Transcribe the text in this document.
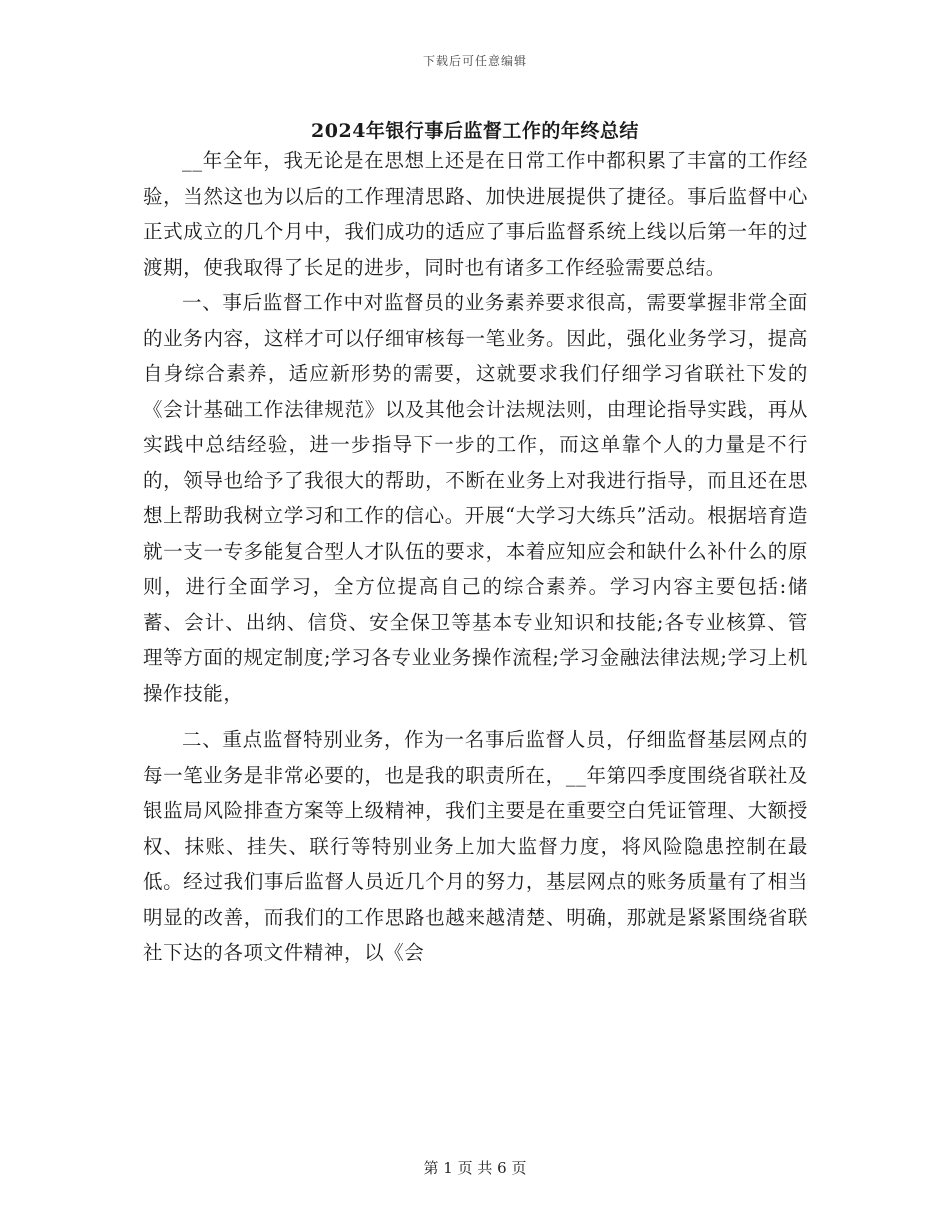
下载后可任意编辑
2024年银行事后监督工作的年终总结

__年全年，我无论是在思想上还是在日常工作中都积累了丰富的工作经验，当然这也为以后的工作理清思路、加快进展提供了捷径。事后监督中心正式成立的几个月中，我们成功的适应了事后监督系统上线以后第一年的过渡期，使我取得了长足的进步，同时也有诸多工作经验需要总结。

一、事后监督工作中对监督员的业务素养要求很高，需要掌握非常全面的业务内容，这样才可以仔细审核每一笔业务。因此，强化业务学习，提高自身综合素养，适应新形势的需要，这就要求我们仔细学习省联社下发的《会计基础工作法律规范》以及其他会计法规法则，由理论指导实践，再从实践中总结经验，进一步指导下一步的工作，而这单靠个人的力量是不行的，领导也给予了我很大的帮助，不断在业务上对我进行指导，而且还在思想上帮助我树立学习和工作的信心。开展“大学习大练兵”活动。根据培育造就一支一专多能复合型人才队伍的要求，本着应知应会和缺什么补什么的原则，进行全面学习，全方位提高自己的综合素养。学习内容主要包括:储蓄、会计、出纳、信贷、安全保卫等基本专业知识和技能;各专业核算、管理等方面的规定制度;学习各专业业务操作流程;学习金融法律法规;学习上机操作技能，

二、重点监督特别业务，作为一名事后监督人员，仔细监督基层网点的每一笔业务是非常必要的，也是我的职责所在，__年第四季度围绕省联社及银监局风险排查方案等上级精神，我们主要是在重要空白凭证管理、大额授权、抹账、挂失、联行等特别业务上加大监督力度，将风险隐患控制在最低。经过我们事后监督人员近几个月的努力，基层网点的账务质量有了相当明显的改善，而我们的工作思路也越来越清楚、明确，那就是紧紧围绕省联社下达的各项文件精神，以《会

第 1 页 共 6 页
